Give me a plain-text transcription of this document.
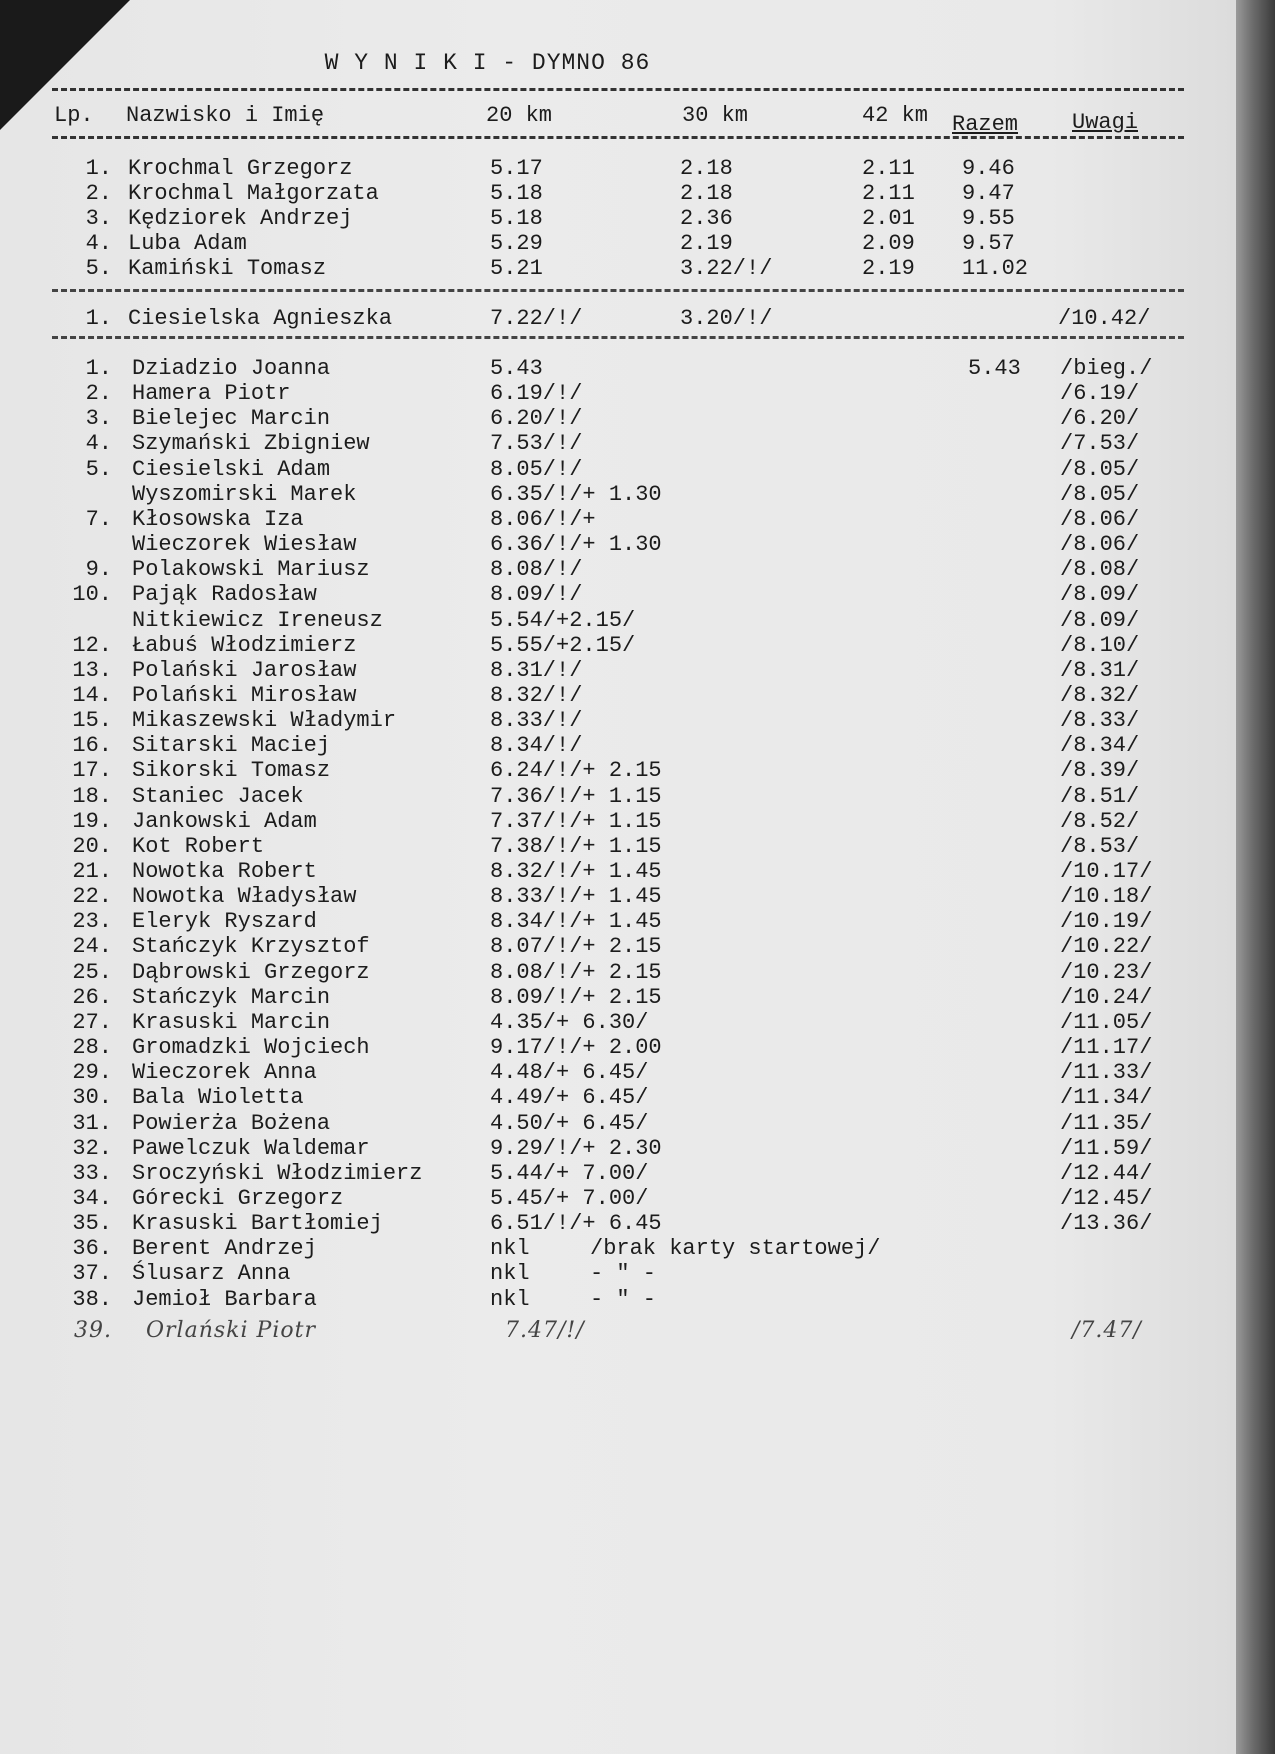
W Y N I K I - DYMNO 86
Lp. Nazwisko i Imię	20 km	30 km	42 km Razem Uwagi
1. Krochmal Grzegorz	5.17	2.18	2.11 9.46
2. Krochmal Małgorzata	5.18	2.18	2.11 9.47
3. Kędziorek Andrzej	5.18	2.36	2.01 9.55
4. Luba Adam	5.29	2.19	2.09 9.57
5. Kamiński Tomasz	5.21	3.22/!/	2.19 11.02
1. Ciesielska Agnieszka	7.22/!/	3.20/!/	/10.42/
1. Dziadzio Joanna	5.43	5.43 /bieg./
2. Hamera Piotr	6.19/!/	/6.19/
3. Bielejec Marcin	6.20/!/	/6.20/
4. Szymański Zbigniew	7.53/!/	/7.53/
5. Ciesielski Adam	8.05/!/	/8.05/
Wyszomirski Marek	6.35/!/+ 1.30	/8.05/
7. Kłosowska Iza	8.06/!/+	/8.06/
Wieczorek Wiesław	6.36/!/+ 1.30	/8.06/
9. Polakowski Mariusz	8.08/!/	/8.08/
10. Pająk Radosław	8.09/!/	/8.09/
Nitkiewicz Ireneusz	5.54/+2.15/	/8.09/
12. Łabuś Włodzimierz	5.55/+2.15/	/8.10/
13. Polański Jarosław	8.31/!/	/8.31/
14. Polański Mirosław	8.32/!/	/8.32/
15. Mikaszewski Władymir	8.33/!/	/8.33/
16. Sitarski Maciej	8.34/!/	/8.34/
17. Sikorski Tomasz	6.24/!/+ 2.15	/8.39/
18. Staniec Jacek	7.36/!/+ 1.15	/8.51/
19. Jankowski Adam	7.37/!/+ 1.15	/8.52/
20. Kot Robert	7.38/!/+ 1.15	/8.53/
21. Nowotka Robert	8.32/!/+ 1.45	/10.17/
22. Nowotka Władysław	8.33/!/+ 1.45	/10.18/
23. Eleryk Ryszard	8.34/!/+ 1.45	/10.19/
24. Stańczyk Krzysztof	8.07/!/+ 2.15	/10.22/
25. Dąbrowski Grzegorz	8.08/!/+ 2.15	/10.23/
26. Stańczyk Marcin	8.09/!/+ 2.15	/10.24/
27. Krasuski Marcin	4.35/+ 6.30/	/11.05/
28. Gromadzki Wojciech	9.17/!/+ 2.00	/11.17/
29. Wieczorek Anna	4.48/+ 6.45/	/11.33/
30. Bala Wioletta	4.49/+ 6.45/	/11.34/
31. Powierża Bożena	4.50/+ 6.45/	/11.35/
32. Pawelczuk Waldemar	9.29/!/+ 2.30	/11.59/
33. Sroczyński Włodzimierz	5.44/+ 7.00/	/12.44/
34. Górecki Grzegorz	5.45/+ 7.00/	/12.45/
35. Krasuski Bartłomiej	6.51/!/+ 6.45	/13.36/
36. Berent Andrzej	nkl	/brak karty startowej/
37. Ślusarz Anna	nkl	- " -
38. Jemioł Barbara	nkl	- " -
39. Orlański Piotr	7.47/!/	/7.47/
